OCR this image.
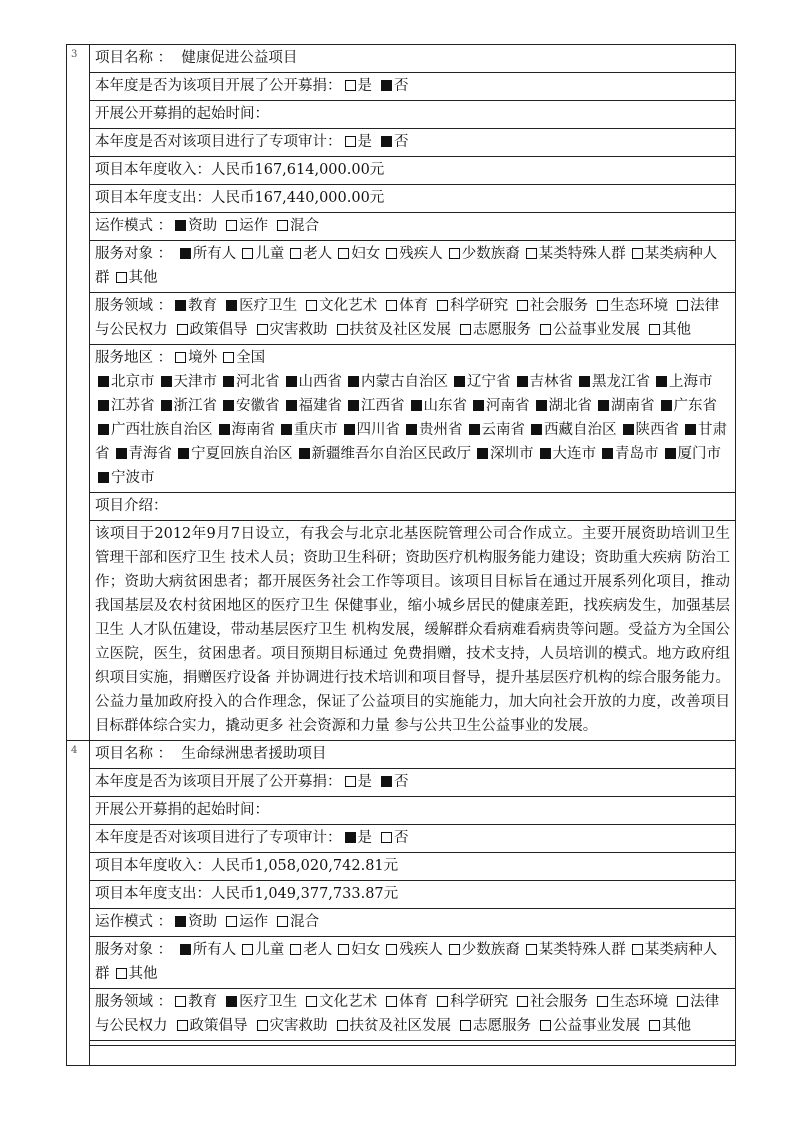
3	项目名称 ： 健康促进公益项目
	本年度是否为该项目开展了公开募捐： 是 否
	开展公开募捐的起始时间：
	本年度是否对该项目进行了专项审计： 是 否
	项目本年度收入：人民币167,614,000.00元
	项目本年度支出：人民币167,440,000.00元
	运作模式 ： 资助 运作 混合
	服务对象 ： 所有人 儿童 老人 妇女 残疾人 少数族裔 某类特殊人群 某类病种人群 其他
	服务领域 ： 教育 医疗卫生 文化艺术 体育 科学研究 社会服务 生态环境 法律与公民权力 政策倡导 灾害救助 扶贫及社区发展 志愿服务 公益事业发展 其他
	服务地区 ： 境外 全国
北京市 天津市 河北省 山西省 内蒙古自治区 辽宁省 吉林省 黑龙江省 上海市江苏省 浙江省 安徽省 福建省 江西省 山东省 河南省 湖北省 湖南省 广东省广西壮族自治区 海南省 重庆市 四川省 贵州省 云南省 西藏自治区 陕西省 甘肃省 青海省 宁夏回族自治区 新疆维吾尔自治区民政厅 深圳市 大连市 青岛市 厦门市宁波市
	项目介绍：
	该项目于2012年9月7日设立，有我会与北京北基医院管理公司合作成立。主要开展资助培训卫生管理干部和医疗卫生 技术人员；资助卫生科研；资助医疗机构服务能力建设；资助重大疾病 防治工作；资助大病贫困患者；都开展医务社会工作等项目。该项目目标旨在通过开展系列化项目，推动我国基层及农村贫困地区的医疗卫生 保健事业，缩小城乡居民的健康差距，找疾病发生，加强基层卫生 人才队伍建设，带动基层医疗卫生 机构发展，缓解群众看病难看病贵等问题。受益方为全国公立医院，医生，贫困患者。项目预期目标通过 免费捐赠，技术支持，人员培训的模式。地方政府组织项目实施，捐赠医疗设备 并协调进行技术培训和项目督导，提升基层医疗机构的综合服务能力。公益力量加政府投入的合作理念，保证了公益项目的实施能力，加大向社会开放的力度，改善项目目标群体综合实力，撬动更多 社会资源和力量 参与公共卫生公益事业的发展。
4	项目名称 ： 生命绿洲患者援助项目
	本年度是否为该项目开展了公开募捐： 是 否
	开展公开募捐的起始时间：
	本年度是否对该项目进行了专项审计： 是 否
	项目本年度收入：人民币1,058,020,742.81元
	项目本年度支出：人民币1,049,377,733.87元
	运作模式 ： 资助 运作 混合
	服务对象 ： 所有人 儿童 老人 妇女 残疾人 少数族裔 某类特殊人群 某类病种人群 其他
	服务领域 ： 教育 医疗卫生 文化艺术 体育 科学研究 社会服务 生态环境 法律与公民权力 政策倡导 灾害救助 扶贫及社区发展 志愿服务 公益事业发展 其他
